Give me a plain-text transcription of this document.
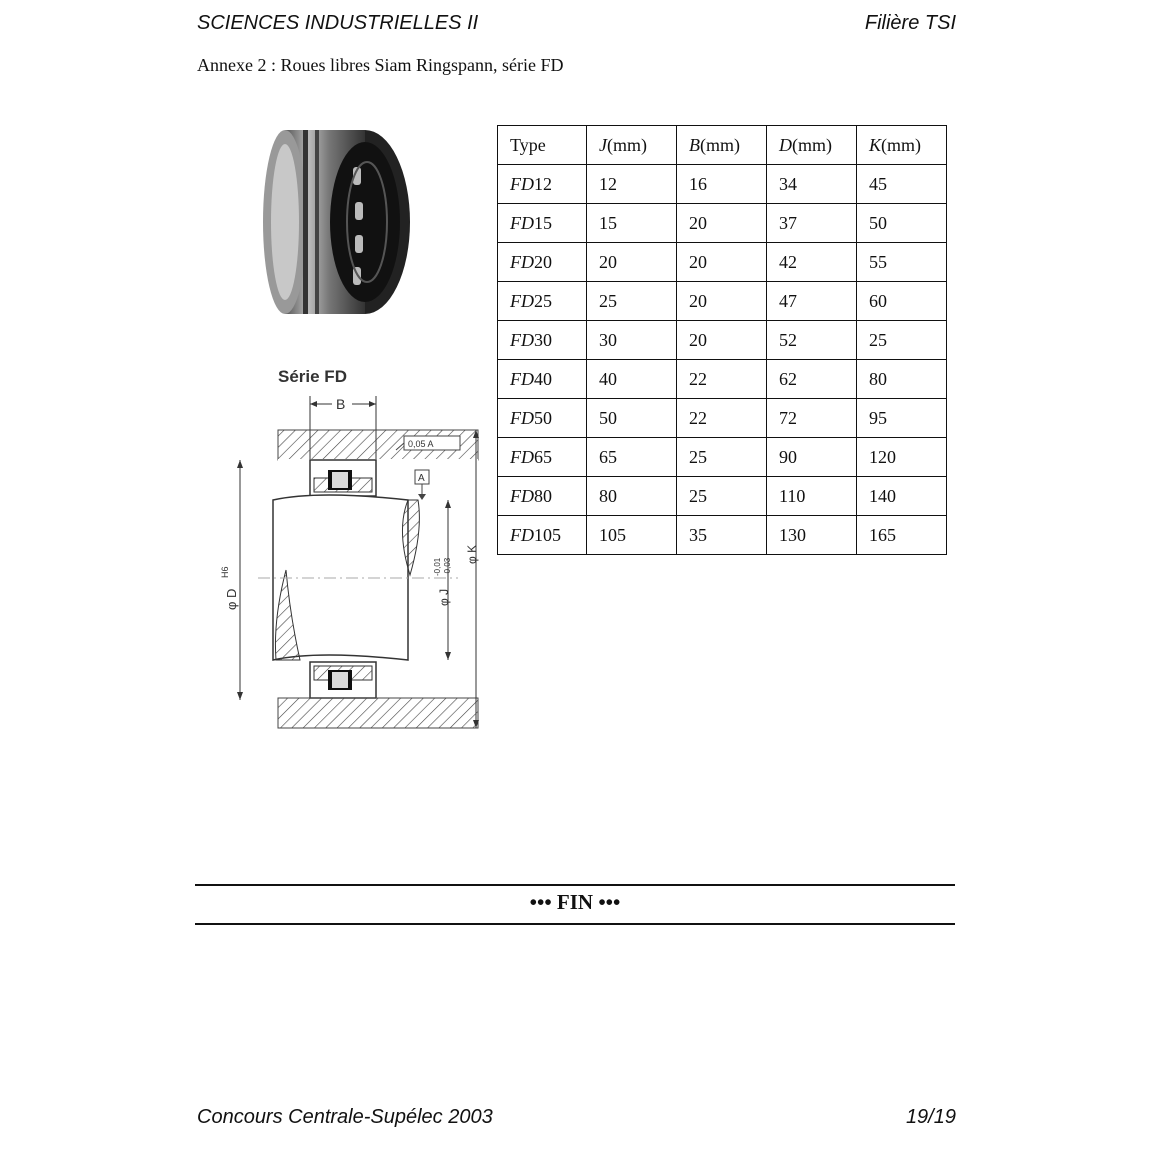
SCIENCES INDUSTRIELLES II	Filière TSI
Annexe 2 : Roues libres Siam Ringspann, série FD
Série FD
B
0,05 A
A
φ D
H6
φ J
-0,01 -0,03
φ K
Type	J(mm)	B(mm)	D(mm)	K(mm)
FD12	12	16	34	45
FD15	15	20	37	50
FD20	20	20	42	55
FD25	25	20	47	60
FD30	30	20	52	25
FD40	40	22	62	80
FD50	50	22	72	95
FD65	65	25	90	120
FD80	80	25	110	140
FD105	105	35	130	165
••• FIN •••
Concours Centrale-Supélec 2003	19/19
